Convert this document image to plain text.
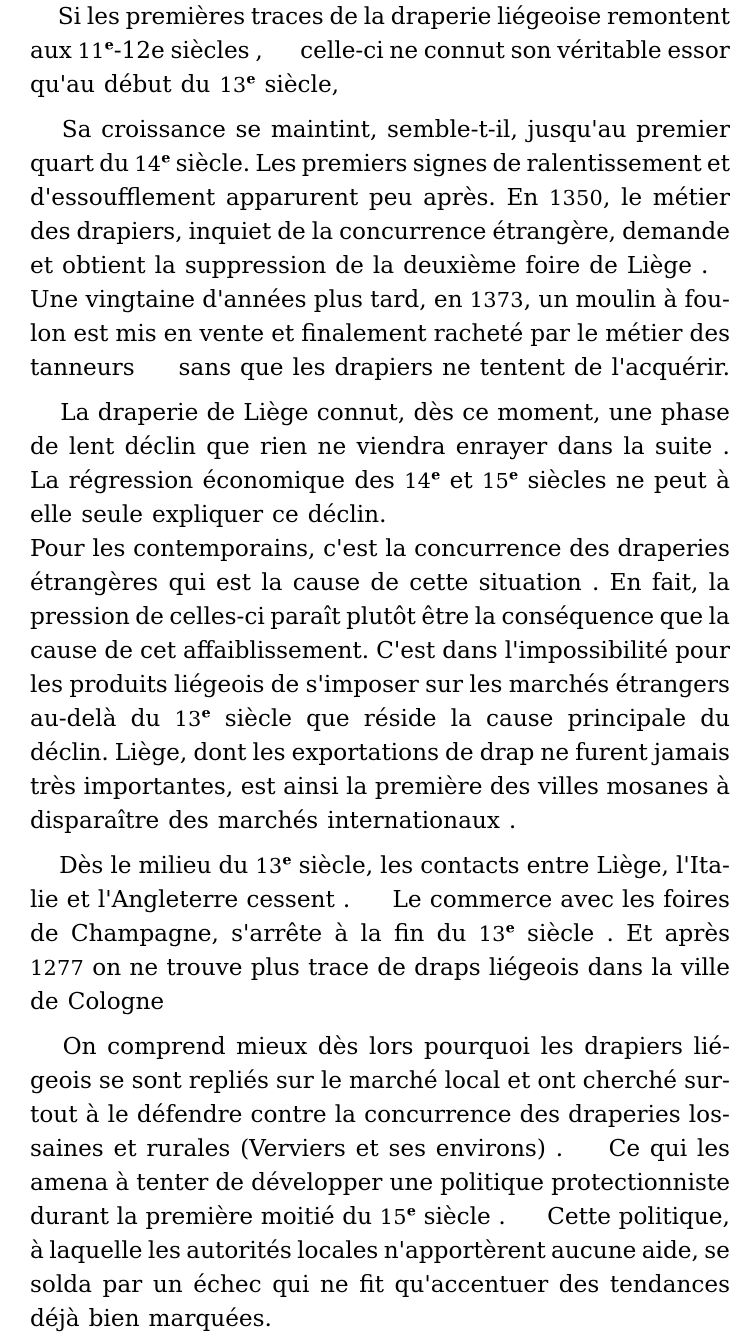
Si les premières traces de la draperie liégeoise remontent
aux 11e-12e siècles , celle-ci ne connut son véritable essor
qu'au début du 13e siècle,
Sa croissance se maintint, semble-t-il, jusqu'au premier
quart du 14e siècle. Les premiers signes de ralentissement et
d'essoufflement apparurent peu après. En 1350, le métier
des drapiers, inquiet de la concurrence étrangère, demande
et obtient la suppression de la deuxième foire de Liège .
Une vingtaine d'années plus tard, en 1373, un moulin à fou-
lon est mis en vente et finalement racheté par le métier des
tanneurs sans que les drapiers ne tentent de l'acquérir.
La draperie de Liège connut, dès ce moment, une phase
de lent déclin que rien ne viendra enrayer dans la suite .
La régression économique des 14e et 15e siècles ne peut à
elle seule expliquer ce déclin.
Pour les contemporains, c'est la concurrence des draperies
étrangères qui est la cause de cette situation . En fait, la
pression de celles-ci paraît plutôt être la conséquence que la
cause de cet affaiblissement. C'est dans l'impossibilité pour
les produits liégeois de s'imposer sur les marchés étrangers
au-delà du 13e siècle que réside la cause principale du
déclin. Liège, dont les exportations de drap ne furent jamais
très importantes, est ainsi la première des villes mosanes à
disparaître des marchés internationaux .
Dès le milieu du 13e siècle, les contacts entre Liège, l'Ita-
lie et l'Angleterre cessent . Le commerce avec les foires
de Champagne, s'arrête à la fin du 13e siècle . Et après
1277 on ne trouve plus trace de draps liégeois dans la ville
de Cologne
On comprend mieux dès lors pourquoi les drapiers lié-
geois se sont repliés sur le marché local et ont cherché sur-
tout à le défendre contre la concurrence des draperies los-
saines et rurales (Verviers et ses environs) . Ce qui les
amena à tenter de développer une politique protectionniste
durant la première moitié du 15e siècle . Cette politique,
à laquelle les autorités locales n'apportèrent aucune aide, se
solda par un échec qui ne fit qu'accentuer des tendances
déjà bien marquées.
